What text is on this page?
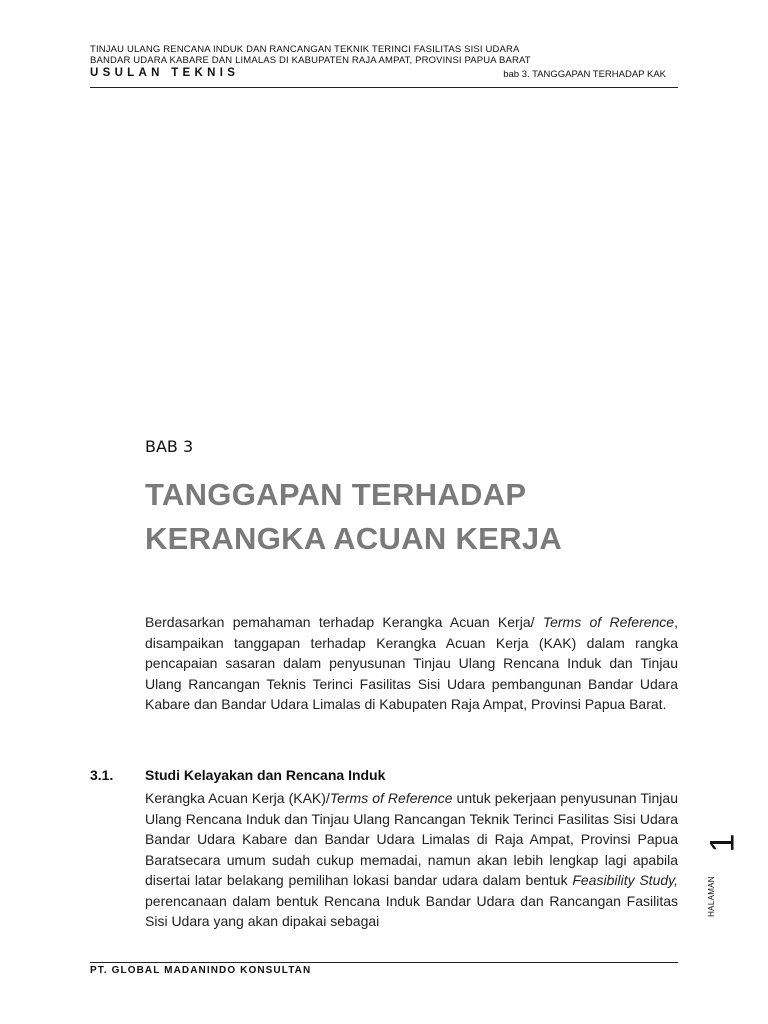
TINJAU ULANG RENCANA INDUK DAN RANCANGAN TEKNIK TERINCI FASILITAS SISI UDARA
BANDAR UDARA KABARE DAN LIMALAS DI KABUPATEN RAJA AMPAT, PROVINSI PAPUA BARAT
USULAN TEKNIS	bab 3. TANGGAPAN TERHADAP KAK
BAB 3
TANGGAPAN TERHADAP
KERANGKA ACUAN KERJA

Berdasarkan pemahaman terhadap Kerangka Acuan Kerja/ Terms of Reference, disampaikan tanggapan terhadap Kerangka Acuan Kerja (KAK) dalam rangka pencapaian sasaran dalam penyusunan Tinjau Ulang Rencana Induk dan Tinjau Ulang Rancangan Teknis Terinci Fasilitas Sisi Udara pembangunan Bandar Udara Kabare dan Bandar Udara Limalas di Kabupaten Raja Ampat, Provinsi Papua Barat.

3.1. Studi Kelayakan dan Rencana Induk

Kerangka Acuan Kerja (KAK)/Terms of Reference untuk pekerjaan penyusunan Tinjau Ulang Rencana Induk dan Tinjau Ulang Rancangan Teknik Terinci Fasilitas Sisi Udara Bandar Udara Kabare dan Bandar Udara Limalas di Raja Ampat, Provinsi Papua Baratsecara umum sudah cukup memadai, namun akan lebih lengkap lagi apabila disertai latar belakang pemilihan lokasi bandar udara dalam bentuk Feasibility Study, perencanaan dalam bentuk Rencana Induk Bandar Udara dan Rancangan Fasilitas Sisi Udara yang akan dipakai sebagai

1
HALAMAN
PT. GLOBAL MADANINDO KONSULTAN
